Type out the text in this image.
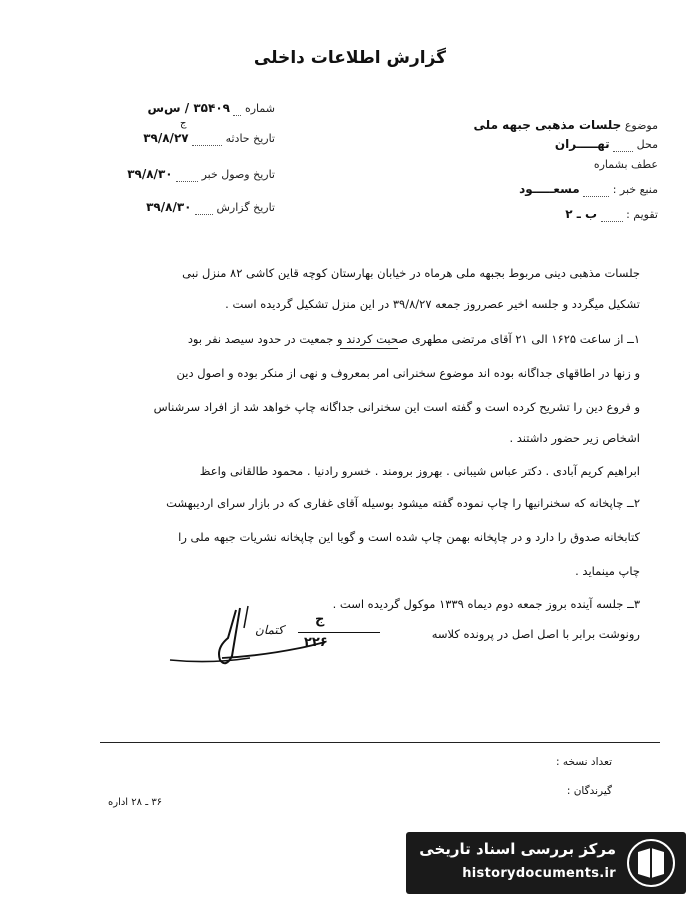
گزارش اطلاعات داخلی
شماره  ۳۵۴۰۹ / س‌س
ج
تاریخ حادثه  ۳۹/۸/۲۷
تاریخ وصول خبر  ۳۹/۸/۳۰
تاریخ گزارش  ۳۹/۸/۳۰
موضوع جلسات مذهبی جبهه ملی
محل  تهـــــران
عطف بشماره
منبع خبر :  مسعـــــود
تقویم :  ب ـ ۲
جلسات مذهبی دینی مربوط بجبهه ملی هرماه در خیابان بهارستان کوچه قاین کاشی ۸۲ منزل نبی
تشکیل میگردد و جلسه اخیر عصرروز جمعه ۳۹/۸/۲۷ در این منزل تشکیل گردیده است .
۱ــ از ساعت ۱۶۲۵ الی ۲۱ آقای مرتضی مطهری صحبت کردند و جمعیت در حدود سیصد نفر بود
و زنها در اطاقهای جداگانه بوده اند موضوع سخنرانی امر بمعروف و نهی از منکر بوده و اصول دین
و فروع دین را تشریح کرده است و گفته است این سخنرانی جداگانه چاپ خواهد شد از افراد سرشناس
اشخاص زیر حضور داشتند .
ابراهیم کریم آبادی . دکتر عباس شیبانی . بهروز برومند . خسرو رادنیا . محمود طالقانی واعظ
۲ــ چاپخانه که سخنرانیها را چاپ نموده گفته میشود بوسیله آقای غفاری که در بازار سرای اردیبهشت
کتابخانه صدوق را دارد و در چاپخانه بهمن چاپ شده است و گویا این چاپخانه نشریات جبهه ملی را
چاپ مینماید .
۳ــ جلسه آینده بروز جمعه دوم دیماه ۱۳۳۹ موکول گردیده است .
رونوشت برابر با اصل اصل در پرونده کلاسه
ج
۲۲۶
کتمان
تعداد نسخه :
گیرندگان :
۳۶ ـ ۲۸ اداره
مرکز بررسی اسناد تاریخی
historydocuments.ir
